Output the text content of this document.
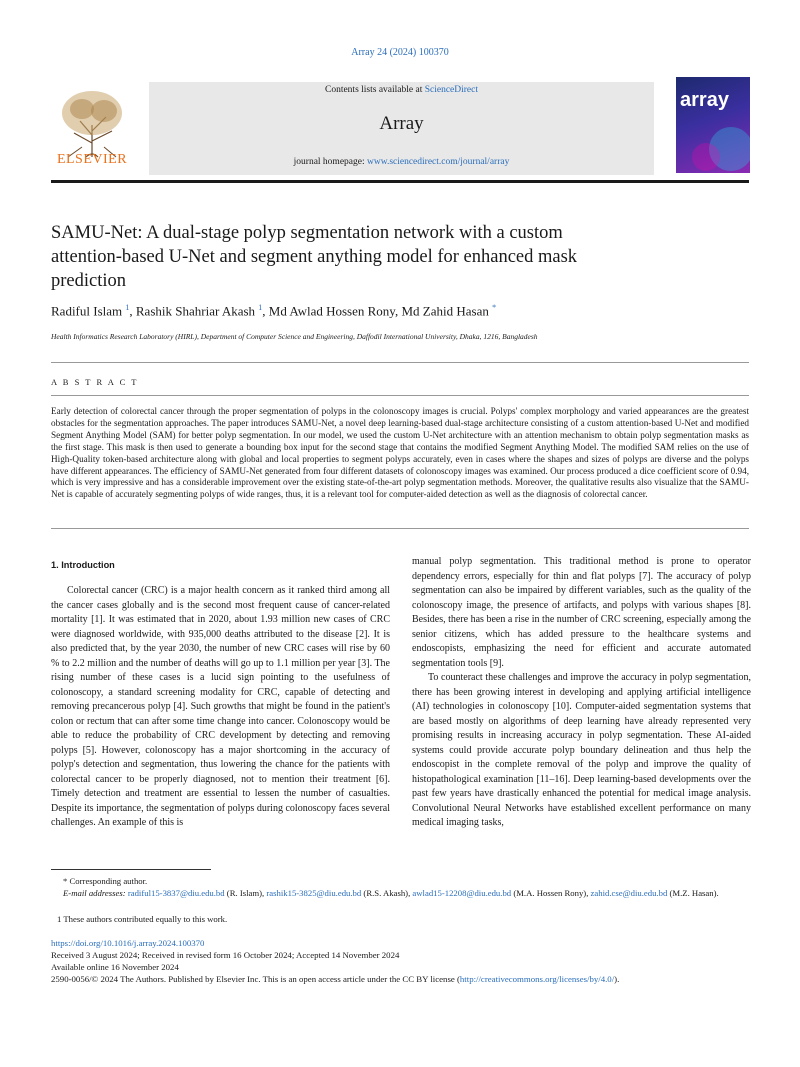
Array 24 (2024) 100370
ELSEVIER
Contents lists available at ScienceDirect
Array
journal homepage: www.sciencedirect.com/journal/array
array
SAMU-Net: A dual-stage polyp segmentation network with a custom attention-based U-Net and segment anything model for enhanced mask prediction
Radiful Islam $^1$, Rashik Shahriar Akash $^1$, Md Awlad Hossen Rony, Md Zahid Hasan *
Health Informatics Research Laboratory (HIRL), Department of Computer Science and Engineering, Daffodil International University, Dhaka, 1216, Bangladesh
A B S T R A C T

Early detection of colorectal cancer through the proper segmentation of polyps in the colonoscopy images is crucial. Polyps' complex morphology and varied appearances are the greatest obstacles for the segmentation approaches. The paper introduces SAMU-Net, a novel deep learning-based dual-stage architecture consisting of a custom attention-based U-Net and modified Segment Anything Model (SAM) for better polyp segmentation. In our model, we used the custom U-Net architecture with an attention mechanism to obtain polyp segmentation masks as the first stage. This mask is then used to generate a bounding box input for the second stage that contains the modified Segment Anything Model. The modified SAM relies on the use of High-Quality token-based architecture along with global and local properties to segment polyps accurately, even in cases where the shapes and sizes of polyps are diverse and the polyps have different appearances. The efficiency of SAMU-Net generated from four different datasets of colonoscopy images was examined. Our process produced a dice coefficient score of 0.94, which is very impressive and has a considerable improvement over the existing state-of-the-art polyp segmentation methods. Moreover, the qualitative results also visualize that the SAMU-Net is capable of accurately segmenting polyps of wide ranges, thus, it is a relevant tool for computer-aided detection as well as the diagnosis of colorectal cancer.

1. Introduction

Colorectal cancer (CRC) is a major health concern as it ranked third among all the cancer cases globally and is the second most frequent cause of cancer-related mortality [1]. It was estimated that in 2020, about 1.93 million new cases of CRC were diagnosed worldwide, with 935,000 deaths attributed to the disease [2]. It is also predicted that, by the year 2030, the number of new CRC cases will rise by 60 % to 2.2 million and the number of deaths will go up to 1.1 million per year [3]. The rising number of these cases is a lucid sign pointing to the usefulness of colonoscopy, a standard screening modality for CRC, capable of detecting and removing precancerous polyp [4]. Such growths that might be found in the patient's colon or rectum that can after some time change into cancer. Colonoscopy would be able to reduce the probability of CRC development by detecting and removing polyps [5]. However, colonoscopy has a major shortcoming in the accuracy of polyp's detection and segmentation, thus lowering the chance for the patients with colorectal cancer to be properly diagnosed, not to mention their treatment [6]. Timely detection and treatment are essential to lessen the number of casualties. Despite its importance, the segmentation of polyps during colonoscopy faces several challenges. An example of this is

manual polyp segmentation. This traditional method is prone to operator dependency errors, especially for thin and flat polyps [7]. The accuracy of polyp segmentation can also be impaired by different variables, such as the quality of the colonoscopy image, the presence of artifacts, and polyps with various shapes [8]. Besides, there has been a rise in the number of CRC screening, especially among the senior citizens, which has added pressure to the healthcare systems and endoscopists, emphasizing the need for efficient and accurate automated segmentation tools [9].

To counteract these challenges and improve the accuracy in polyp segmentation, there has been growing interest in developing and applying artificial intelligence (AI) technologies in colonoscopy [10]. Computer-aided segmentation systems that are based mostly on algorithms of deep learning have already represented very promising results in increasing accuracy in polyp segmentation. These AI-aided systems could provide accurate polyp boundary delineation and thus help the endoscopist in the complete removal of the polyp and improve the quality of histopathological examination [11–16]. Deep learning-based developments over the past few years have drastically enhanced the potential for medical image analysis. Convolutional Neural Networks have established excellent performance on many medical imaging tasks,

* Corresponding author.
E-mail addresses: radiful15-3837@diu.edu.bd (R. Islam), rashik15-3825@diu.edu.bd (R.S. Akash), awlad15-12208@diu.edu.bd (M.A. Hossen Rony), zahid.cse@diu.edu.bd (M.Z. Hasan).
1 These authors contributed equally to this work.
https://doi.org/10.1016/j.array.2024.100370
Received 3 August 2024; Received in revised form 16 October 2024; Accepted 14 November 2024
Available online 16 November 2024
2590-0056/© 2024 The Authors. Published by Elsevier Inc. This is an open access article under the CC BY license (http://creativecommons.org/licenses/by/4.0/).
